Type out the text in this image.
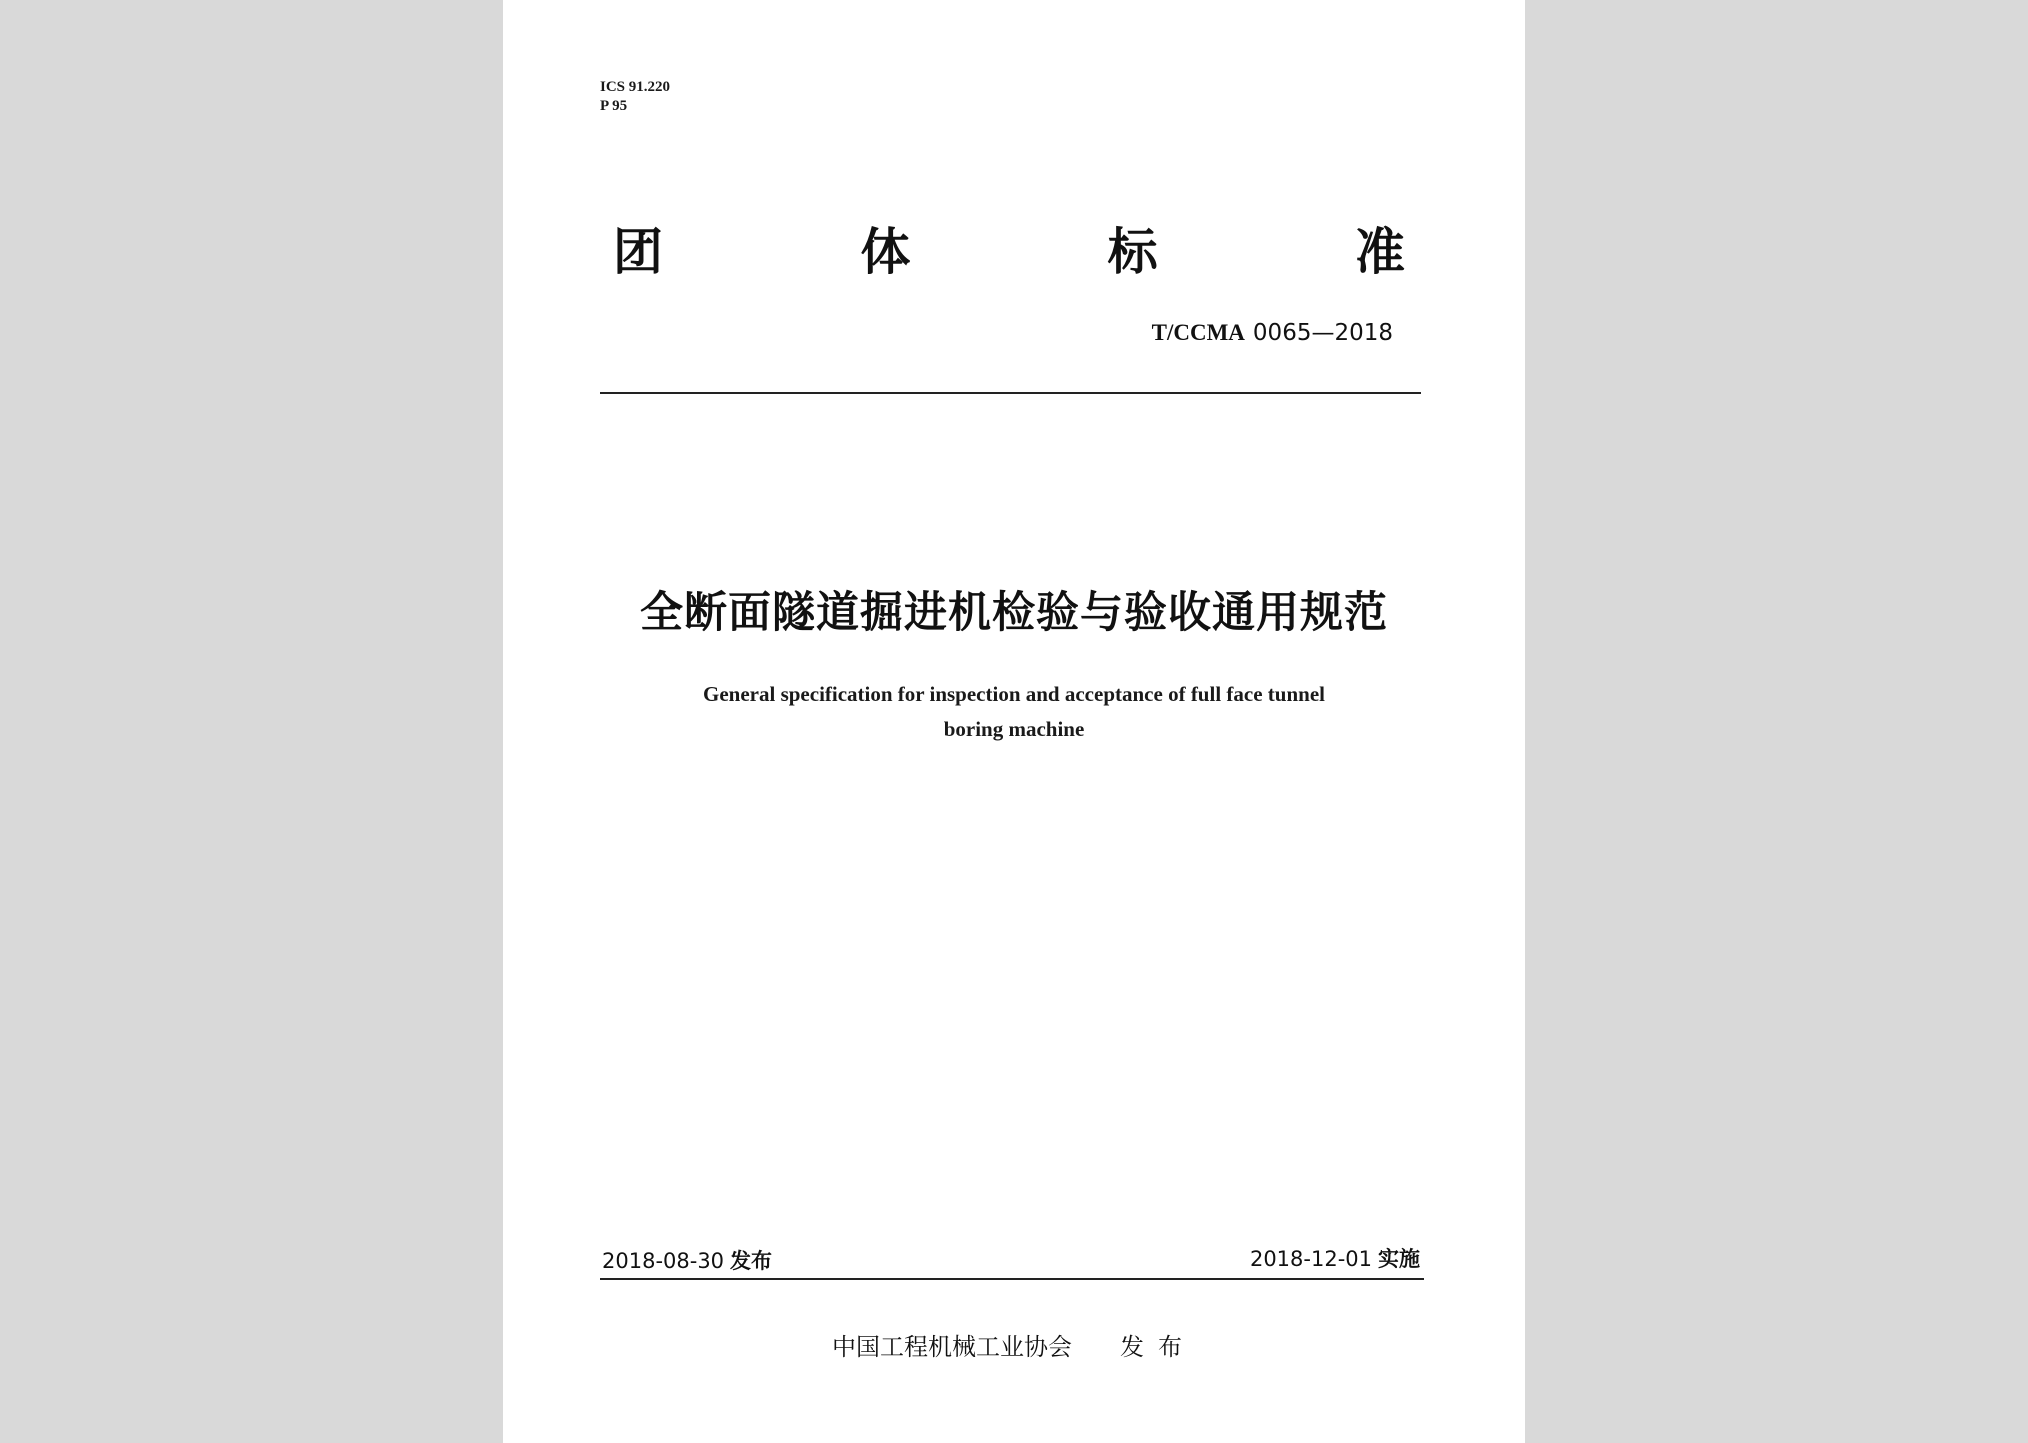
ICS 91.220
P 95
团	体	标	准
T/CCMA 0065—2018
全断面隧道掘进机检验与验收通用规范
General specification for inspection and acceptance of full face tunnel
boring machine
2018-08-30 发布	2018-12-01 实施
中国工程机械工业协会 发布
